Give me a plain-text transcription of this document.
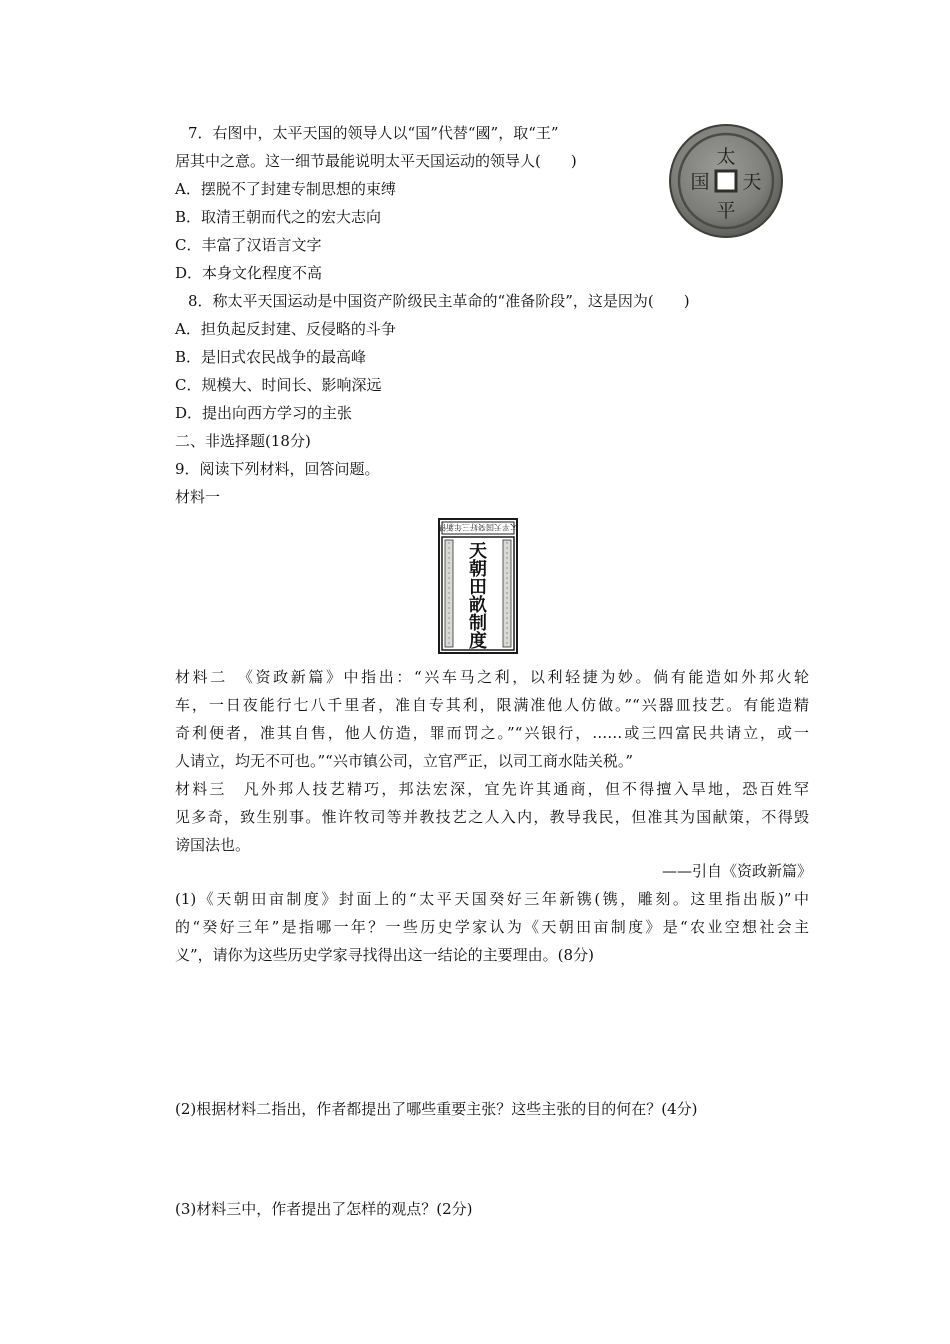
7．右图中，太平天国的领导人以“国”代替“國”，取“王”
居其中之意。这一细节最能说明太平天国运动的领导人(　　)
A．摆脱不了封建专制思想的束缚
B．取清王朝而代之的宏大志向
C．丰富了汉语言文字
D．本身文化程度不高
太
天
平
国
8．称太平天国运动是中国资产阶级民主革命的“准备阶段”，这是因为(　　)
A．担负起反封建、反侵略的斗争
B．是旧式农民战争的最高峰
C．规模大、时间长、影响深远
D．提出向西方学习的主张
二、非选择题(18分)
9．阅读下列材料，回答问题。
材料一
太平天国癸好三年新镌
天
朝
田
畝
制
度
材料二　《资政新篇》中指出：“兴车马之利，以利轻捷为妙。倘有能造如外邦火轮
车，一日夜能行七八千里者，准自专其利，限满准他人仿做。”“兴器皿技艺。有能造精
奇利便者，准其自售，他人仿造，罪而罚之。”“兴银行，……或三四富民共请立，或一
人请立，均无不可也。”“兴市镇公司，立官严正，以司工商水陆关税。”
材料三　凡外邦人技艺精巧，邦法宏深，宜先许其通商，但不得擅入旱地，恐百姓罕
见多奇，致生别事。惟许牧司等并教技艺之人入内，教导我民，但准其为国献策，不得毁
谤国法也。
——引自《资政新篇》
(1)《天朝田亩制度》封面上的“太平天国癸好三年新镌(镌，雕刻。这里指出版)”中
的“癸好三年”是指哪一年？一些历史学家认为《天朝田亩制度》是“农业空想社会主
义”，请你为这些历史学家寻找得出这一结论的主要理由。(8分)
(2)根据材料二指出，作者都提出了哪些重要主张？这些主张的目的何在？(4分)
(3)材料三中，作者提出了怎样的观点？(2分)
